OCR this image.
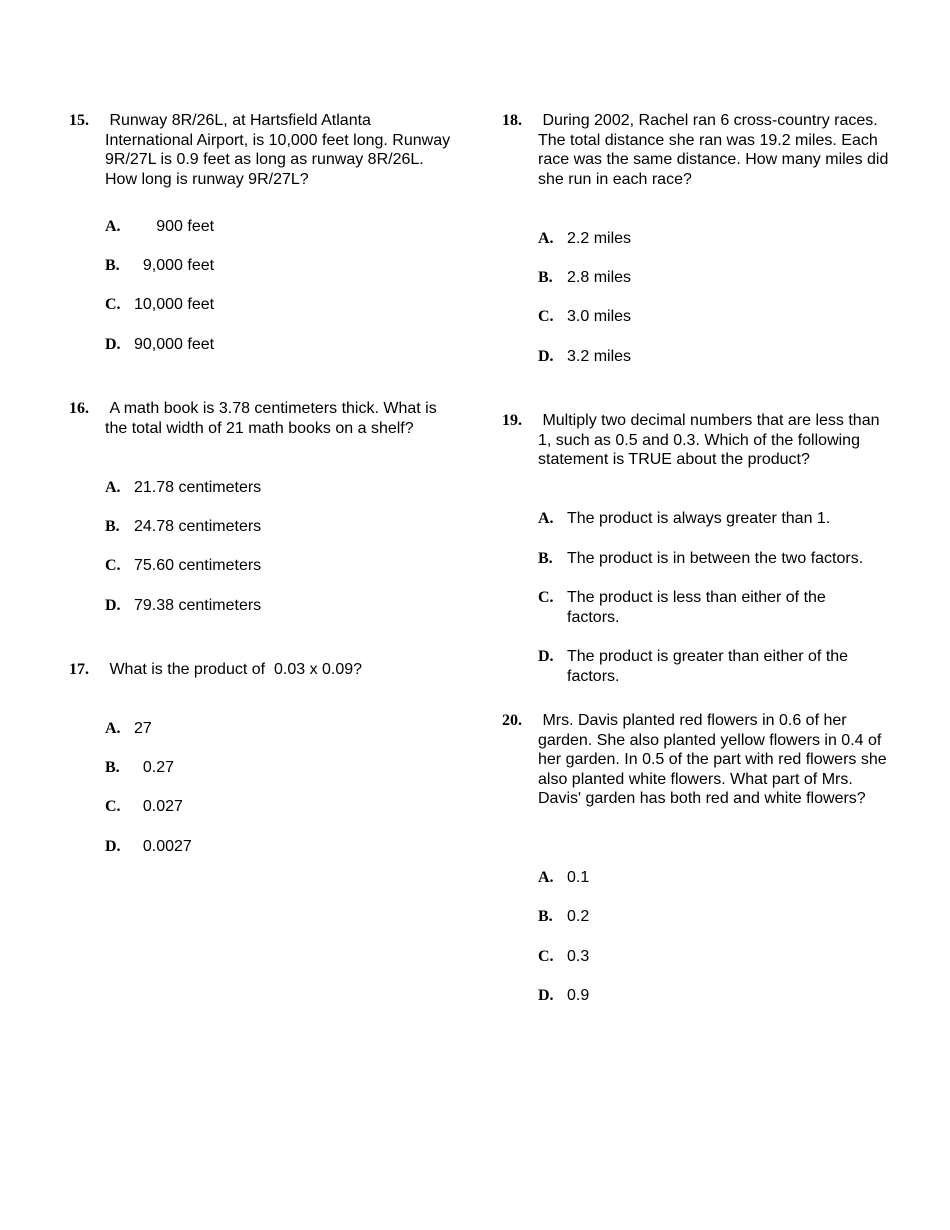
15. Runway 8R/26L, at Hartsfield Atlanta International Airport, is 10,000 feet long. Runway 9R/27L is 0.9 feet as long as runway 8R/26L. How long is runway 9R/27L?
A. 900 feet
B. 9,000 feet
C. 10,000 feet
D. 90,000 feet
16. A math book is 3.78 centimeters thick. What is the total width of 21 math books on a shelf?
A. 21.78 centimeters
B. 24.78 centimeters
C. 75.60 centimeters
D. 79.38 centimeters
17. What is the product of  0.03 x 0.09?
A. 27
B. 0.27
C. 0.027
D. 0.0027
18. During 2002, Rachel ran 6 cross-country races. The total distance she ran was 19.2 miles. Each race was the same distance. How many miles did she run in each race?
A. 2.2 miles
B. 2.8 miles
C. 3.0 miles
D. 3.2 miles
19. Multiply two decimal numbers that are less than 1, such as 0.5 and 0.3. Which of the following statement is TRUE about the product?
A. The product is always greater than 1.
B. The product is in between the two factors.
C. The product is less than either of the factors.
D. The product is greater than either of the factors.
20. Mrs. Davis planted red flowers in 0.6 of her garden. She also planted yellow flowers in 0.4 of her garden. In 0.5 of the part with red flowers she also planted white flowers. What part of Mrs. Davis' garden has both red and white flowers?
A. 0.1
B. 0.2
C. 0.3
D. 0.9
